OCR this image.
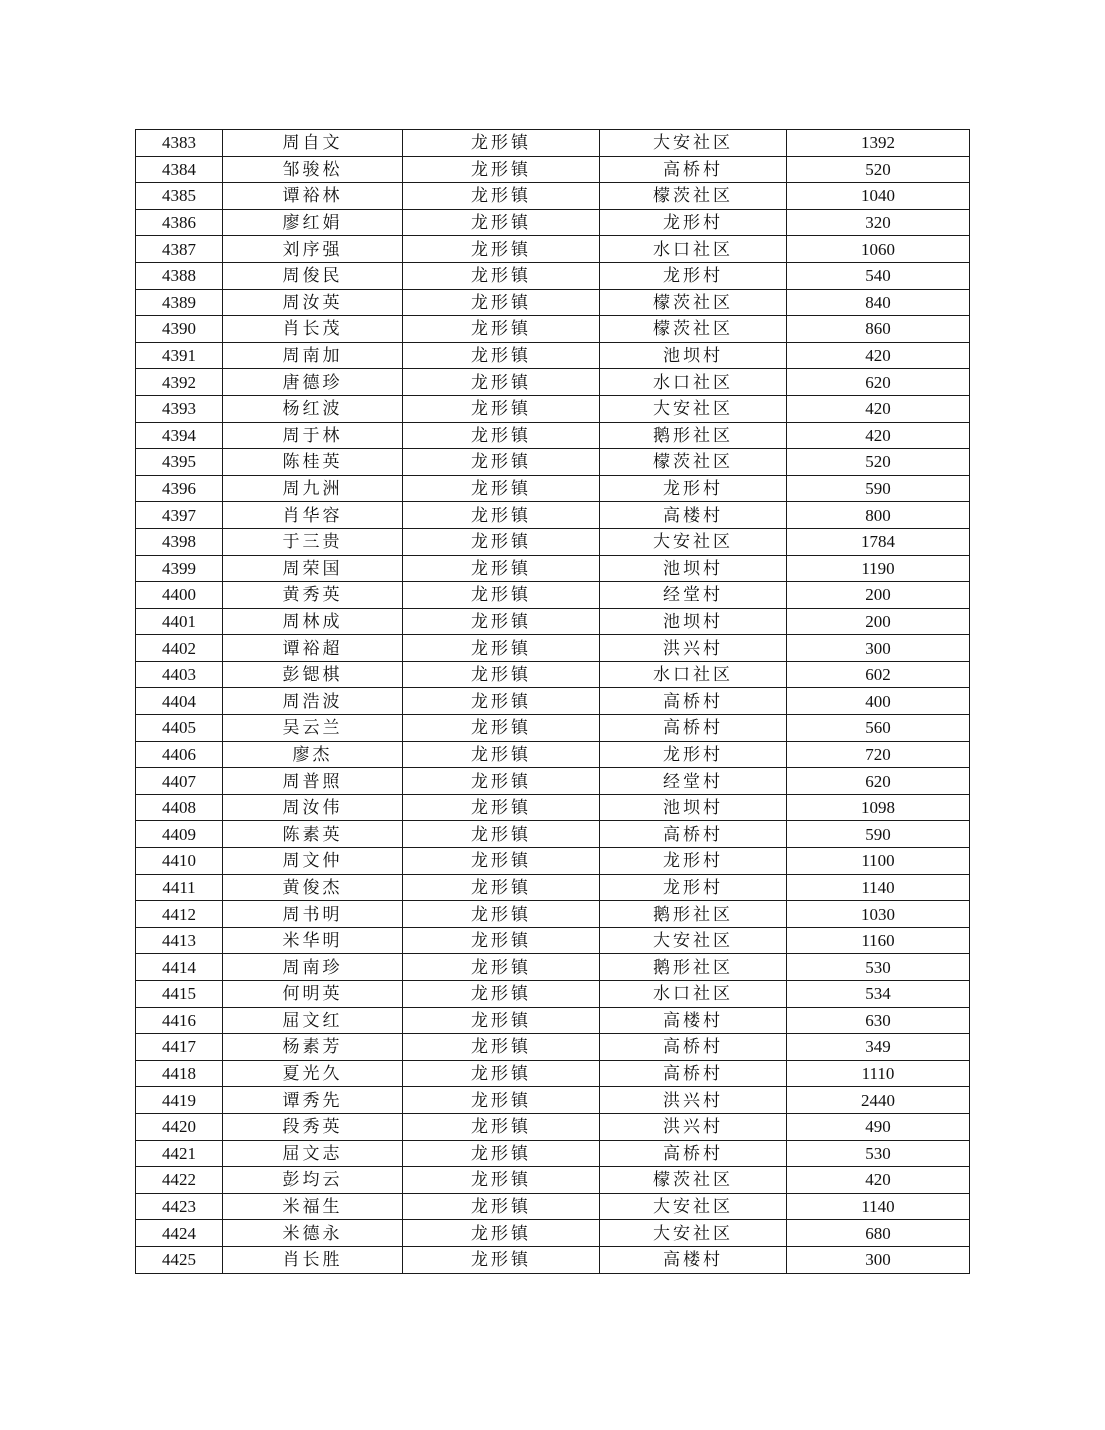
4383	周自文	龙形镇	大安社区	1392
4384	邹骏松	龙形镇	高桥村	520
4385	谭裕林	龙形镇	檬茨社区	1040
4386	廖红娟	龙形镇	龙形村	320
4387	刘序强	龙形镇	水口社区	1060
4388	周俊民	龙形镇	龙形村	540
4389	周汝英	龙形镇	檬茨社区	840
4390	肖长茂	龙形镇	檬茨社区	860
4391	周南加	龙形镇	池坝村	420
4392	唐德珍	龙形镇	水口社区	620
4393	杨红波	龙形镇	大安社区	420
4394	周于林	龙形镇	鹅形社区	420
4395	陈桂英	龙形镇	檬茨社区	520
4396	周九洲	龙形镇	龙形村	590
4397	肖华容	龙形镇	高楼村	800
4398	于三贵	龙形镇	大安社区	1784
4399	周荣国	龙形镇	池坝村	1190
4400	黄秀英	龙形镇	经堂村	200
4401	周林成	龙形镇	池坝村	200
4402	谭裕超	龙形镇	洪兴村	300
4403	彭锶棋	龙形镇	水口社区	602
4404	周浩波	龙形镇	高桥村	400
4405	吴云兰	龙形镇	高桥村	560
4406	廖杰	龙形镇	龙形村	720
4407	周普照	龙形镇	经堂村	620
4408	周汝伟	龙形镇	池坝村	1098
4409	陈素英	龙形镇	高桥村	590
4410	周文仲	龙形镇	龙形村	1100
4411	黄俊杰	龙形镇	龙形村	1140
4412	周书明	龙形镇	鹅形社区	1030
4413	米华明	龙形镇	大安社区	1160
4414	周南珍	龙形镇	鹅形社区	530
4415	何明英	龙形镇	水口社区	534
4416	屈文红	龙形镇	高楼村	630
4417	杨素芳	龙形镇	高桥村	349
4418	夏光久	龙形镇	高桥村	1110
4419	谭秀先	龙形镇	洪兴村	2440
4420	段秀英	龙形镇	洪兴村	490
4421	屈文志	龙形镇	高桥村	530
4422	彭均云	龙形镇	檬茨社区	420
4423	米福生	龙形镇	大安社区	1140
4424	米德永	龙形镇	大安社区	680
4425	肖长胜	龙形镇	高楼村	300
